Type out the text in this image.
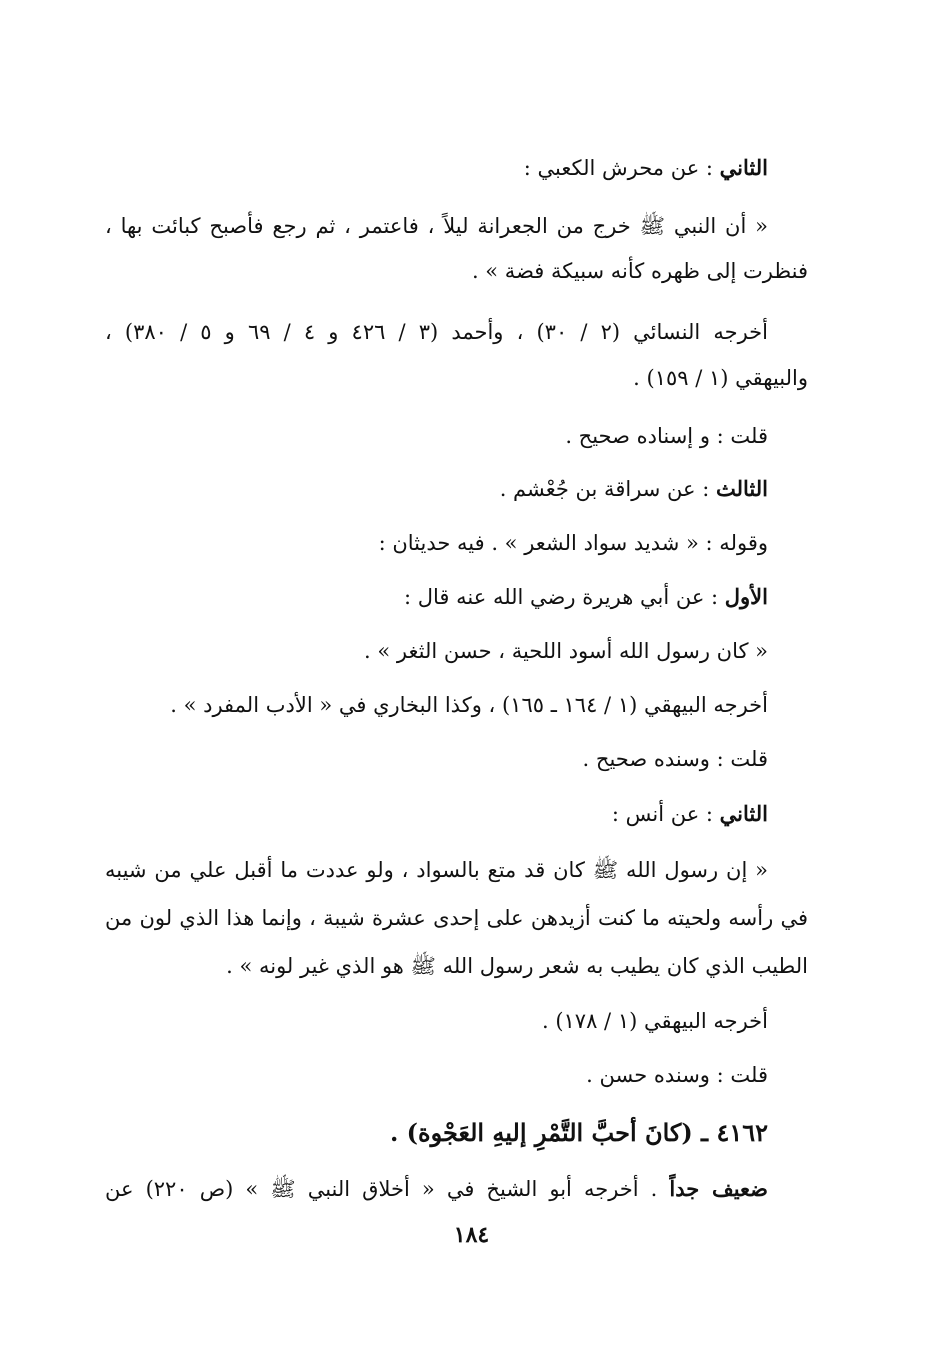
الثاني : عن محرش الكعبي :
« أن النبي ﷺ خرج من الجعرانة ليلاً ، فاعتمر ، ثم رجع فأصبح كبائت بها ،
فنظرت إلى ظهره كأنه سبيكة فضة » .
أخرجه النسائي (٢ / ٣٠) ، وأحمد (٣ / ٤٢٦ و ٤ / ٦٩ و ٥ / ٣٨٠) ،
والبيهقي (١ / ١٥٩) .
قلت : و إسناده صحيح .
الثالث : عن سراقة بن جُعْشم .
وقوله : « شديد سواد الشعر » . فيه حديثان :
الأول : عن أبي هريرة رضي الله عنه قال :
« كان رسول الله أسود اللحية ، حسن الثغر » .
أخرجه البيهقي (١ / ١٦٤ ـ ١٦٥) ، وكذا البخاري في « الأدب المفرد » .
قلت : وسنده صحيح .
الثاني : عن أنس :
« إن رسول الله ﷺ كان قد متع بالسواد ، ولو عددت ما أقبل علي من شيبه
في رأسه ولحيته ما كنت أزيدهن على إحدى عشرة شيبة ، وإنما هذا الذي لون من
الطيب الذي كان يطيب به شعر رسول الله ﷺ هو الذي غير لونه » .
أخرجه البيهقي (١ / ١٧٨) .
قلت : وسنده حسن .
٤١٦٢ ـ (كانَ أحبَّ التَّمْرِ إليهِ العَجْوة) .
ضعيف جداً . أخرجه أبو الشيخ في « أخلاق النبي ﷺ » (ص ٢٢٠) عن
١٨٤
